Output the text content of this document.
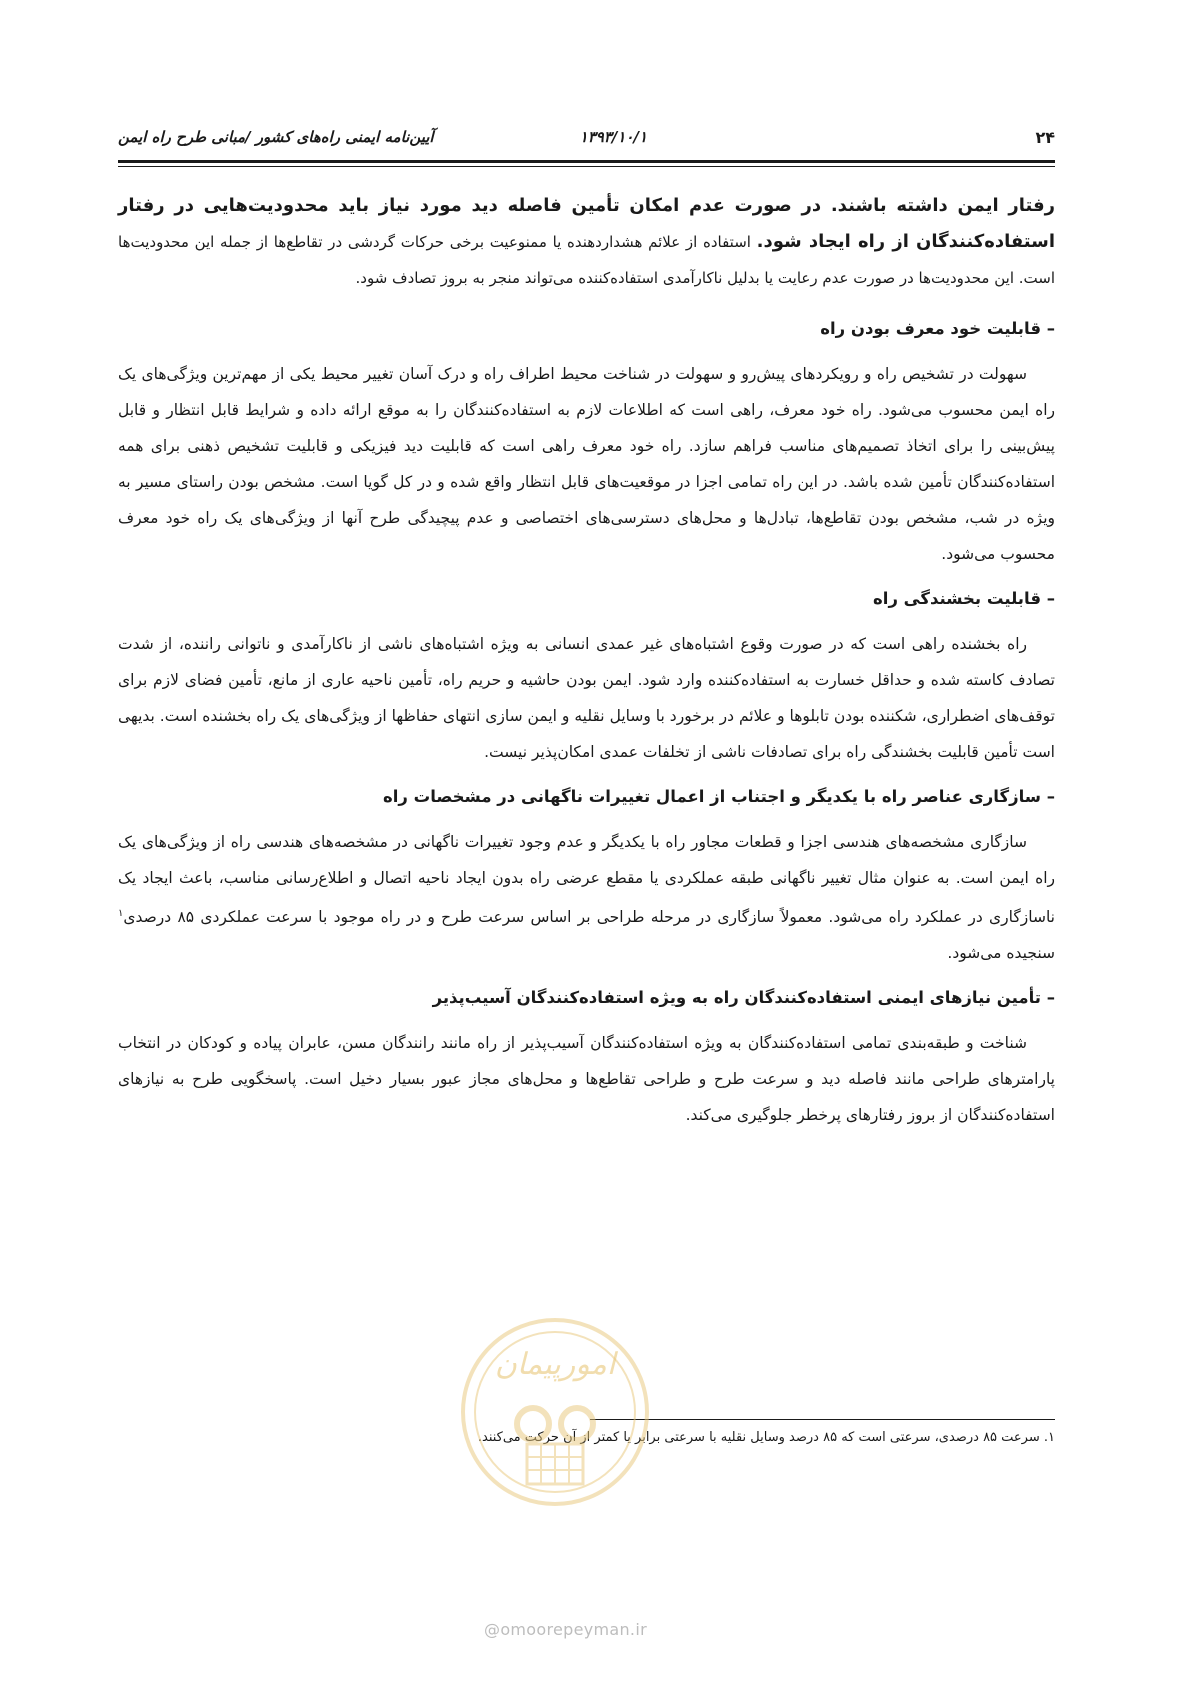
۲۴
۱۳۹۳/۱۰/۱
آیین‌نامه ایمنی راه‌های کشور /مبانی طرح راه ایمن

رفتار ایمن داشته باشند. در صورت عدم امکان تأمین فاصله دید مورد نیاز باید محدودیت‌هایی در رفتار استفاده‌کنندگان از راه ایجاد شود. استفاده از علائم هشداردهنده یا ممنوعیت برخی حرکات گردشی در تقاطع‌ها از جمله این محدودیت‌ها است. این محدودیت‌ها در صورت عدم رعایت یا بدلیل ناکارآمدی استفاده‌کننده می‌تواند منجر به بروز تصادف شود.

– قابلیت خود معرف بودن راه

سهولت در تشخیص راه و رویکردهای پیش‌رو و سهولت در شناخت محیط اطراف راه و درک آسان تغییر محیط یکی از مهم‌ترین ویژگی‌های یک راه ایمن محسوب می‌شود. راه خود معرف، راهی است که اطلاعات لازم به استفاده‌کنندگان را به موقع ارائه داده و شرایط قابل انتظار و قابل پیش‌بینی را برای اتخاذ تصمیم‌های مناسب فراهم سازد. راه خود معرف راهی است که قابلیت دید فیزیکی و قابلیت تشخیص ذهنی برای همه استفاده‌کنندگان تأمین شده باشد. در این راه تمامی اجزا در موقعیت‌های قابل انتظار واقع شده و در کل گویا است. مشخص بودن راستای مسیر به ویژه در شب، مشخص بودن تقاطع‌ها، تبادل‌ها و محل‌های دسترسی‌های اختصاصی و عدم پیچیدگی طرح آنها از ویژگی‌های یک راه خود معرف محسوب می‌شود.

– قابلیت بخشندگی راه

راه بخشنده راهی است که در صورت وقوع اشتباه‌های غیر عمدی انسانی به ویژه اشتباه‌های ناشی از ناکارآمدی و ناتوانی راننده، از شدت تصادف کاسته شده و حداقل خسارت به استفاده‌کننده وارد شود. ایمن بودن حاشیه و حریم راه، تأمین ناحیه عاری از مانع، تأمین فضای لازم برای توقف‌های اضطراری، شکننده بودن تابلوها و علائم در برخورد با وسایل نقلیه و ایمن سازی انتهای حفاظها از ویژگی‌های یک راه بخشنده است. بدیهی است تأمین قابلیت بخشندگی راه برای تصادفات ناشی از تخلفات عمدی امکان‌پذیر نیست.

– سازگاری عناصر راه با یکدیگر و اجتناب از اعمال تغییرات ناگهانی در مشخصات راه

سازگاری مشخصه‌های هندسی اجزا و قطعات مجاور راه با یکدیگر و عدم وجود تغییرات ناگهانی در مشخصه‌های هندسی راه از ویژگی‌های یک راه ایمن است. به عنوان مثال تغییر ناگهانی طبقه عملکردی یا مقطع عرضی راه بدون ایجاد ناحیه اتصال و اطلاع‌رسانی مناسب، باعث ایجاد یک ناسازگاری در عملکرد راه می‌شود. معمولاً سازگاری در مرحله طراحی بر اساس سرعت طرح و در راه موجود با سرعت عملکردی ۸۵ درصدی$^۱$ سنجیده می‌شود.

– تأمین نیازهای ایمنی استفاده‌کنندگان راه به ویژه استفاده‌کنندگان آسیب‌پذیر

شناخت و طبقه‌بندی تمامی استفاده‌کنندگان به ویژه استفاده‌کنندگان آسیب‌پذیر از راه مانند رانندگان مسن، عابران پیاده و کودکان در انتخاب پارامترهای طراحی مانند فاصله دید و سرعت طرح و طراحی تقاطع‌ها و محل‌های مجاز عبور بسیار دخیل است. پاسخگویی طرح به نیازهای استفاده‌کنندگان از بروز رفتارهای پرخطر جلوگیری می‌کند.

۱. سرعت ۸۵ درصدی، سرعتی است که ۸۵ درصد وسایل نقلیه با سرعتی برابر یا کمتر از آن حرکت می‌کنند.
امورپیمان
@omoorepeyman.ir
